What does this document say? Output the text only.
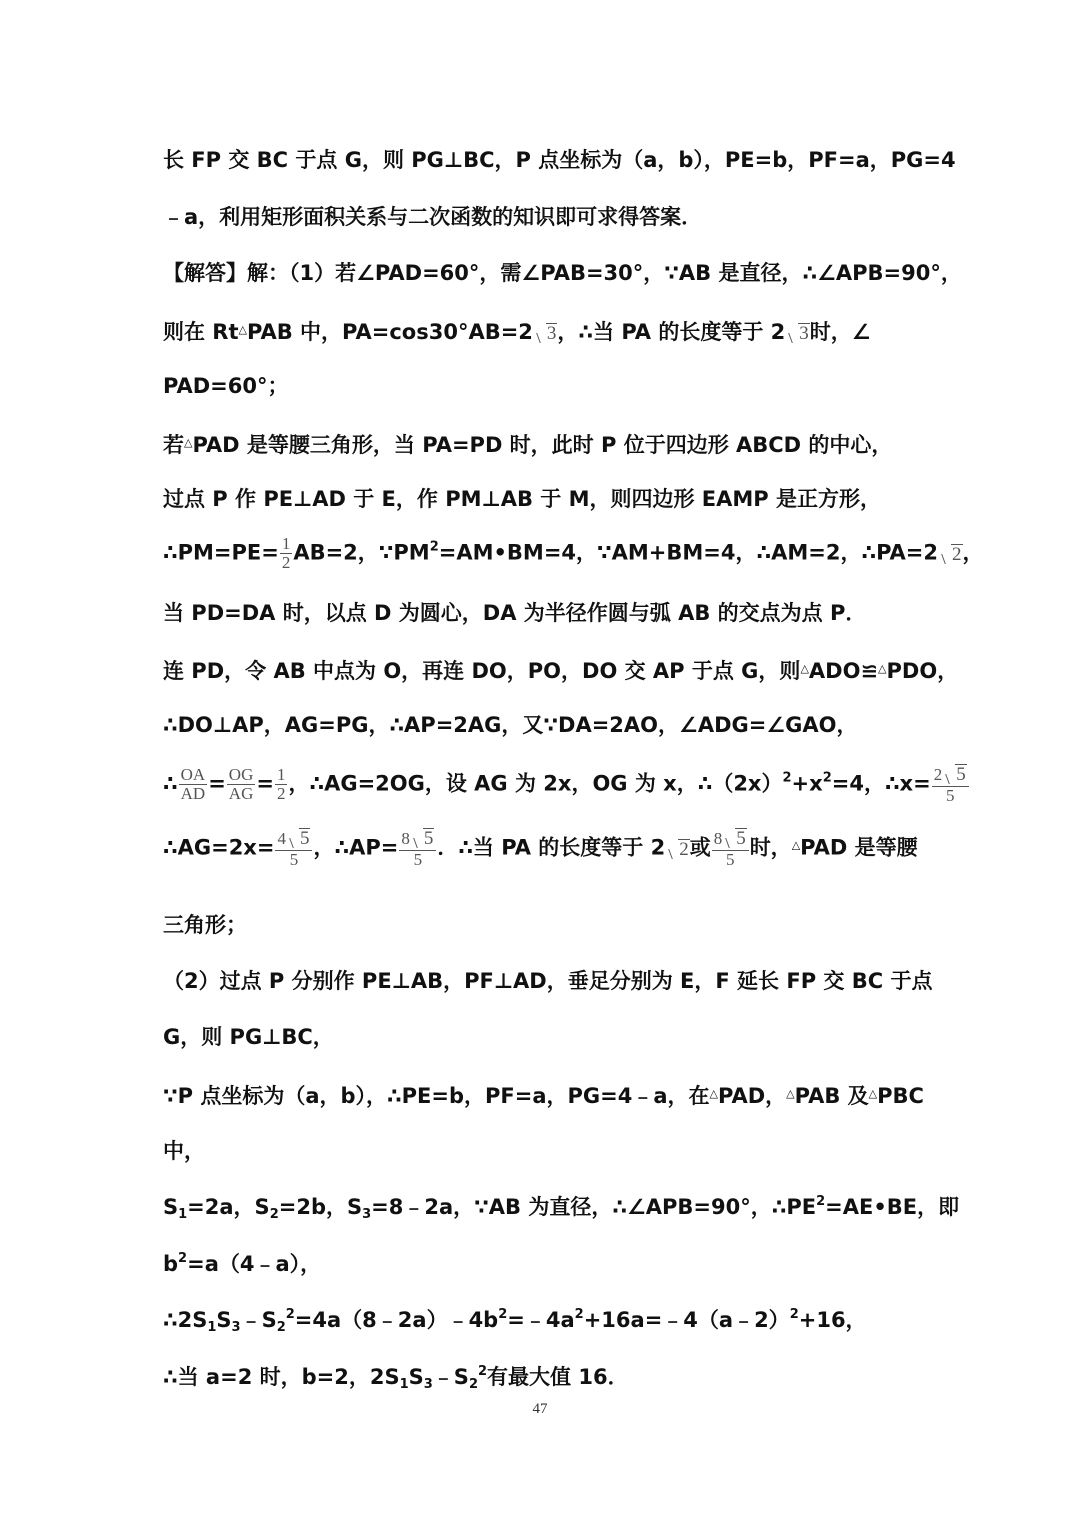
长 FP 交 BC 于点 G，则 PG⊥BC，P 点坐标为（a，b），PE=b，PF=a，PG=4
﹣a，利用矩形面积关系与二次函数的知识即可求得答案．
【解答】解：（1）若∠PAD=60°，需∠PAB=30°，∵AB 是直径，∴∠APB=90°，
则在 Rt△PAB 中，PA=cos30°AB=2 3，∴当 PA 的长度等于 2 3时，∠
PAD=60°；
若△PAD 是等腰三角形，当 PA=PD 时，此时 P 位于四边形 ABCD 的中心，
过点 P 作 PE⊥AD 于 E，作 PM⊥AB 于 M，则四边形 EAMP 是正方形，
∴PM=PE= $\frac{1}{2} AB=2$，$\because PM^2=AM•BM=4$，∵AM+BM=4，∴AM=2，∴PA=2 2，
当 PD=DA 时，以点 D 为圆心，DA 为半径作圆与弧 AB 的交点为点 P．
连 PD，令 AB 中点为 O，再连 DO，PO，DO 交 AP 于点 G，则△ADO≌△PDO，
∴DO⊥AP，AG=PG，∴AP=2AG，又∵DA=2AO，∠ADG=∠GAO，
∴ $\frac{OA}{AD} = \frac{OG}{AG} = \frac{1}{2}$ ，∴AG=2OG，设 AG 为 2x，OG 为 x，$\therefore(2x)^2+x^2=4$，∴x= $\frac{2 5}{5}$
∴AG=2x= $\frac{4 5}{5}$ ，∴AP= $\frac{8 5}{5}$ ．∴当 PA 的长度等于 2 2或 $\frac{8 5}{5}$ 时，△PAD 是等腰
三角形；
（2）过点 P 分别作 PE⊥AB，PF⊥AD，垂足分别为 E，F 延长 FP 交 BC 于点
G，则 PG⊥BC，
∵P 点坐标为（a，b），∴PE=b，PF=a，PG=4﹣a，在△PAD，△PAB 及△PBC
中，
$S_1=2a$，$S_2=2b$，$S_3=8﹣2a$，∵AB 为直径，∴∠APB=90°，$\therefore PE^2=AE•BE$，即
$b^2=a(4﹣a)$，
$\therefore 2S_1S_3﹣S_2^2=4a(8﹣2a)﹣4b^2=﹣4a^2+16a=﹣4(a﹣2)^2+16$，
∴当 a=2 时，b=2，$2S_1S_3﹣S_2^2$有最大值 16．
47
